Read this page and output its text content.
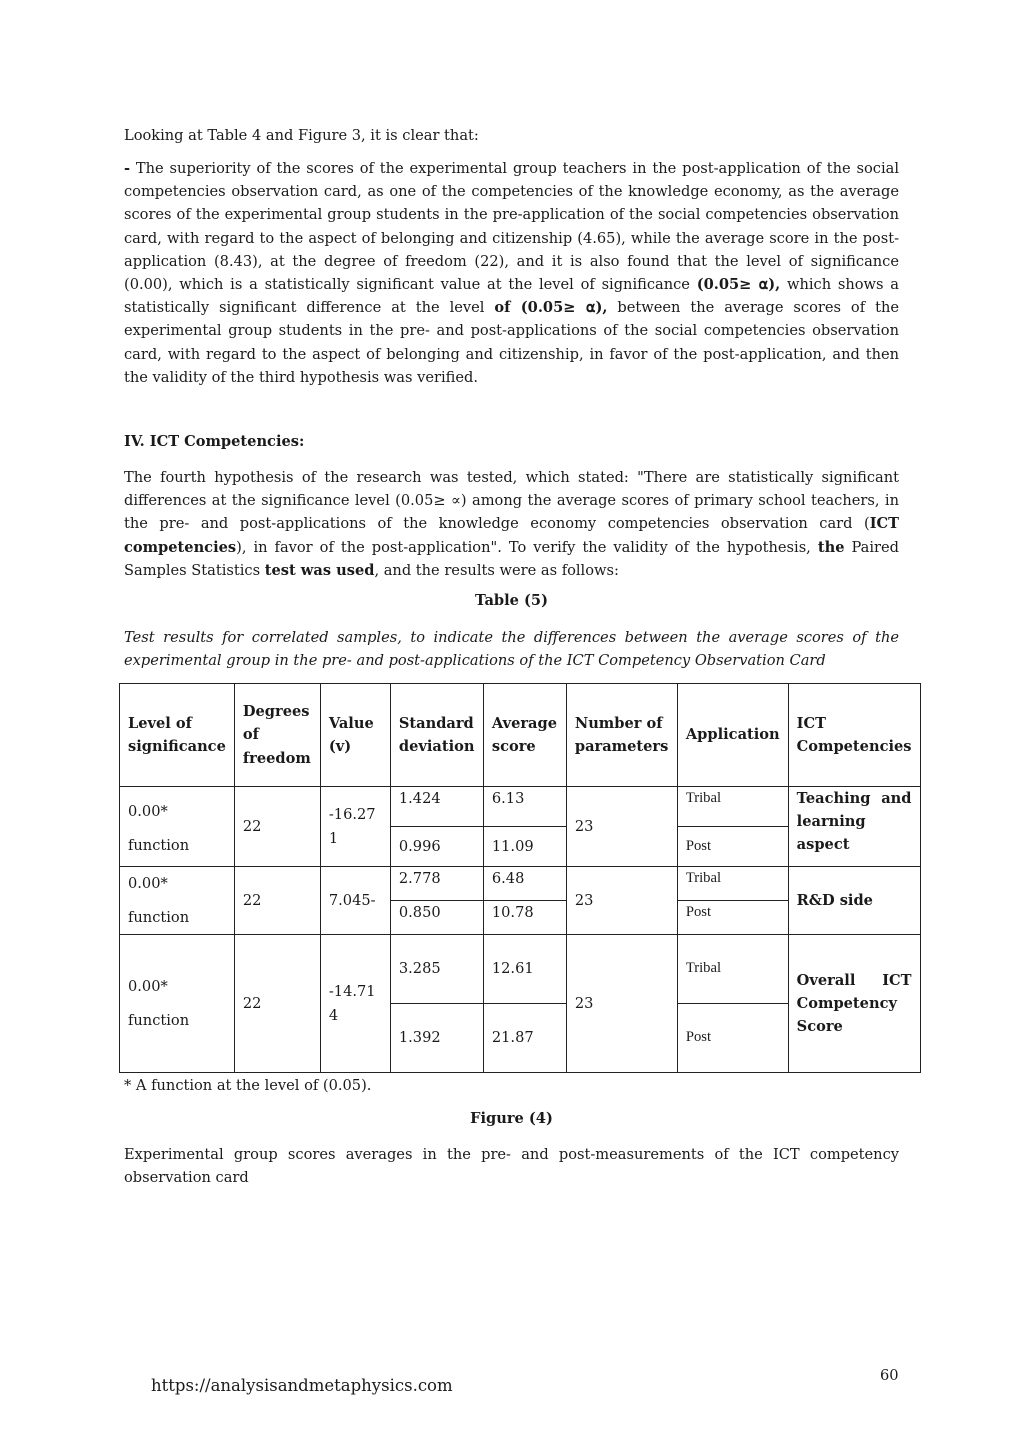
Looking at Table 4 and Figure 3, it is clear that:

- The superiority of the scores of the experimental group teachers in the post-application of the social competencies observation card, as one of the competencies of the knowledge economy, as the average scores of the experimental group students in the pre-application of the social competencies observation card, with regard to the aspect of belonging and citizenship (4.65), while the average score in the post-application (8.43), at the degree of freedom (22), and it is also found that the level of significance (0.00), which is a statistically significant value at the level of significance (0.05≥ ⍺), which shows a statistically significant difference at the level of (0.05≥ ⍺), between the average scores of the experimental group students in the pre- and post-applications of the social competencies observation card, with regard to the aspect of belonging and citizenship, in favor of the post-application, and then the validity of the third hypothesis was verified.

IV. ICT Competencies:

The fourth hypothesis of the research was tested, which stated: "There are statistically significant differences at the significance level (0.05≥ ∝) among the average scores of primary school teachers, in the pre- and post-applications of the knowledge economy competencies observation card (ICT competencies), in favor of the post-application". To verify the validity of the hypothesis, the Paired Samples Statistics test was used, and the results were as follows:

Table (5)

Test results for correlated samples, to indicate the differences between the average scores of the experimental group in the pre- and post-applications of the ICT Competency Observation Card

* A function at the level of (0.05).

Figure (4)

Experimental group scores averages in the pre- and post-measurements of the ICT competency observation card

Level of significance	Degrees of freedom	Value (v)	Standard deviation	Average score	Number of parameters	Application	ICT Competencies

0.00*
function	22	-16.271	1.424	6.13	23	Tribal	Teaching and learning aspect
			0.996	11.09		Post	

0.00*
function	22	7.045-	2.778	6.48	23	Tribal	R&D side
			0.850	10.78		Post	

0.00*
function	22	-14.714	3.285	12.61	23	Tribal	Overall ICT Competency Score
			1.392	21.87		Post	
https://analysisandmetaphysics.com
60
